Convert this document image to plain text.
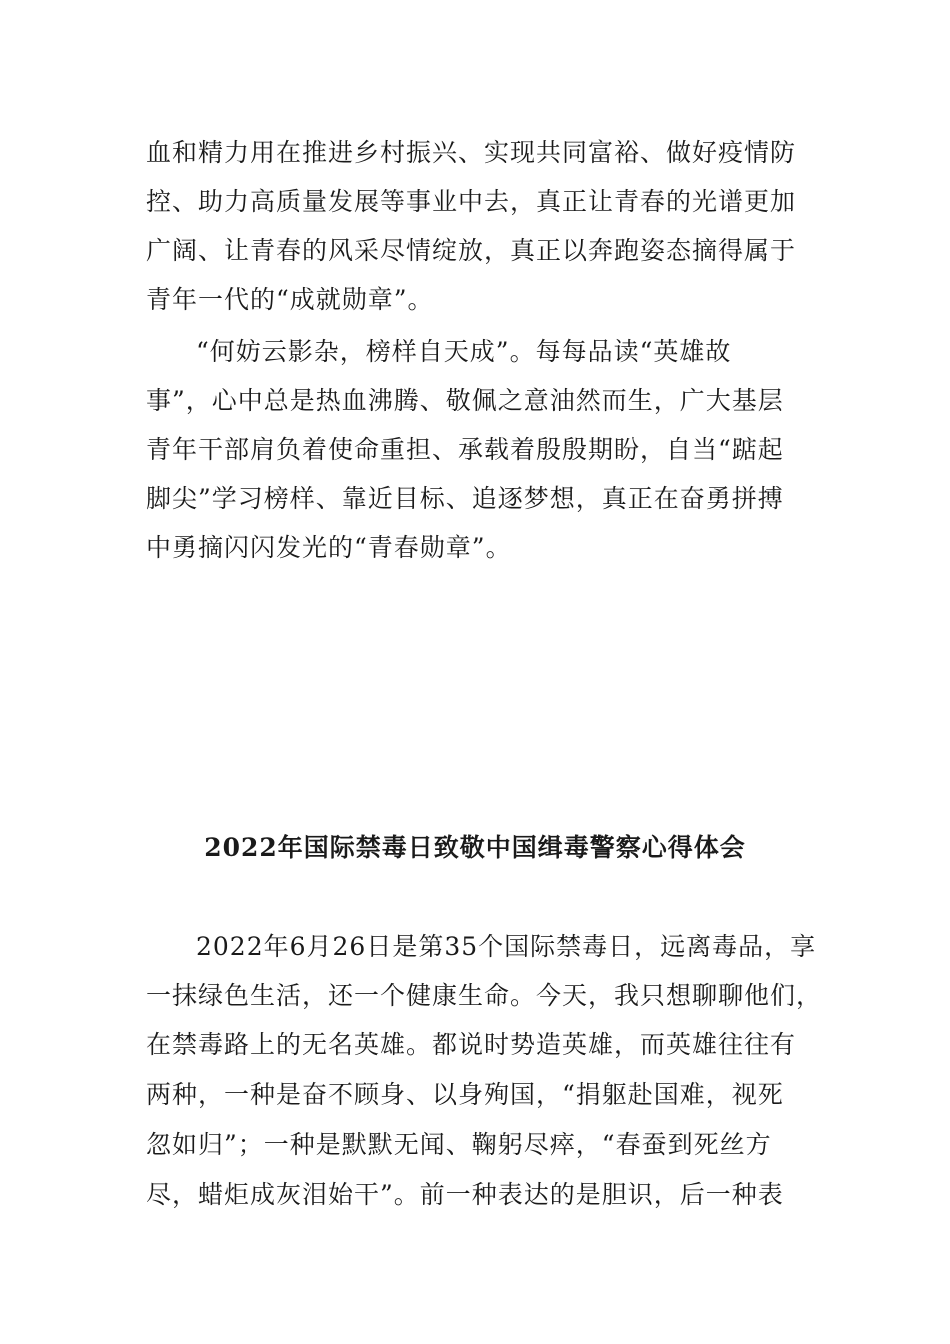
血和精力用在推进乡村振兴、实现共同富裕、做好疫情防
控、助力高质量发展等事业中去，真正让青春的光谱更加
广阔、让青春的风采尽情绽放，真正以奔跑姿态摘得属于
青年一代的“成就勋章”。
“何妨云影杂，榜样自天成”。每每品读“英雄故
事”，心中总是热血沸腾、敬佩之意油然而生，广大基层
青年干部肩负着使命重担、承载着殷殷期盼，自当“踮起
脚尖”学习榜样、靠近目标、追逐梦想，真正在奋勇拼搏
中勇摘闪闪发光的“青春勋章”。
2022年国际禁毒日致敬中国缉毒警察心得体会
2022年6月26日是第35个国际禁毒日，远离毒品，享
一抹绿色生活，还一个健康生命。今天，我只想聊聊他们，
在禁毒路上的无名英雄。都说时势造英雄，而英雄往往有
两种，一种是奋不顾身、以身殉国，“捐躯赴国难，视死
忽如归”；一种是默默无闻、鞠躬尽瘁，“春蚕到死丝方
尽，蜡炬成灰泪始干”。前一种表达的是胆识，后一种表
